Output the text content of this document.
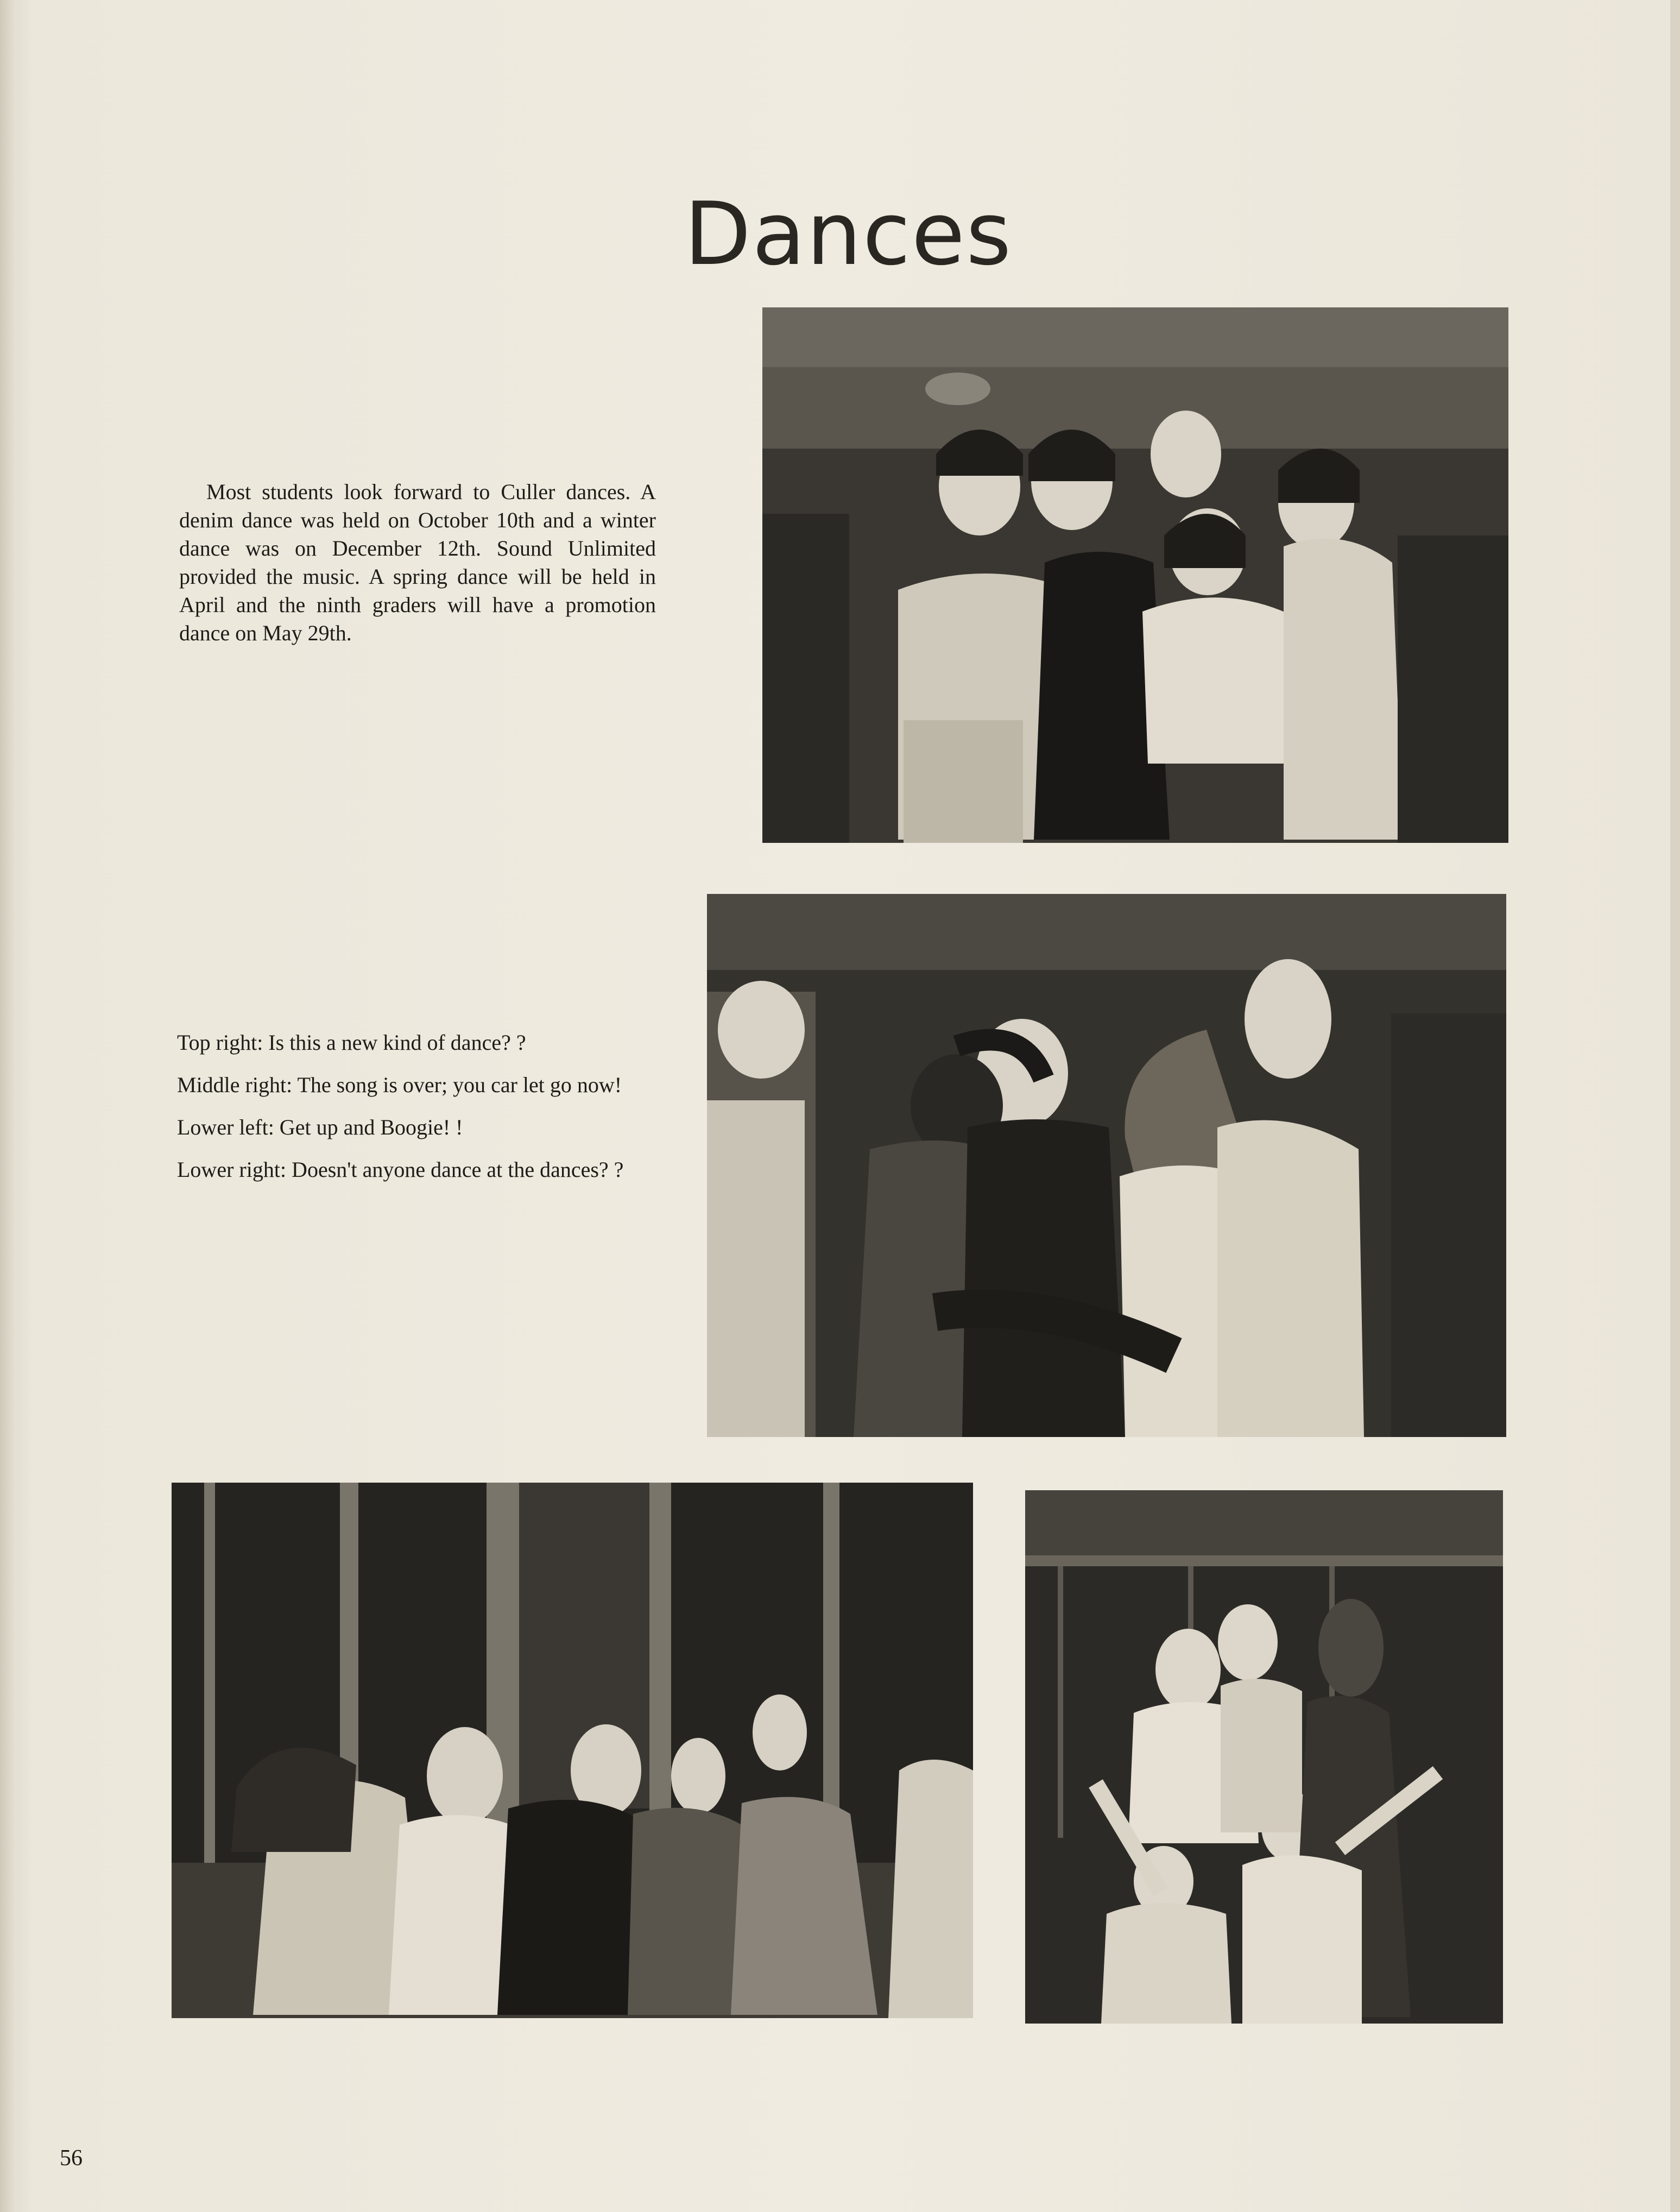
Dances

Most students look forward to Culler dances. A denim dance was held on October 10th and a winter dance was on December 12th. Sound Unlimited provided the music. A spring dance will be held in April and the ninth graders will have a promotion dance on May 29th.

Top right: Is this a new kind of dance? ?

Middle right: The song is over; you car let go now!

Lower left: Get up and Boogie! !

Lower right: Doesn't anyone dance at the dances? ?

56
